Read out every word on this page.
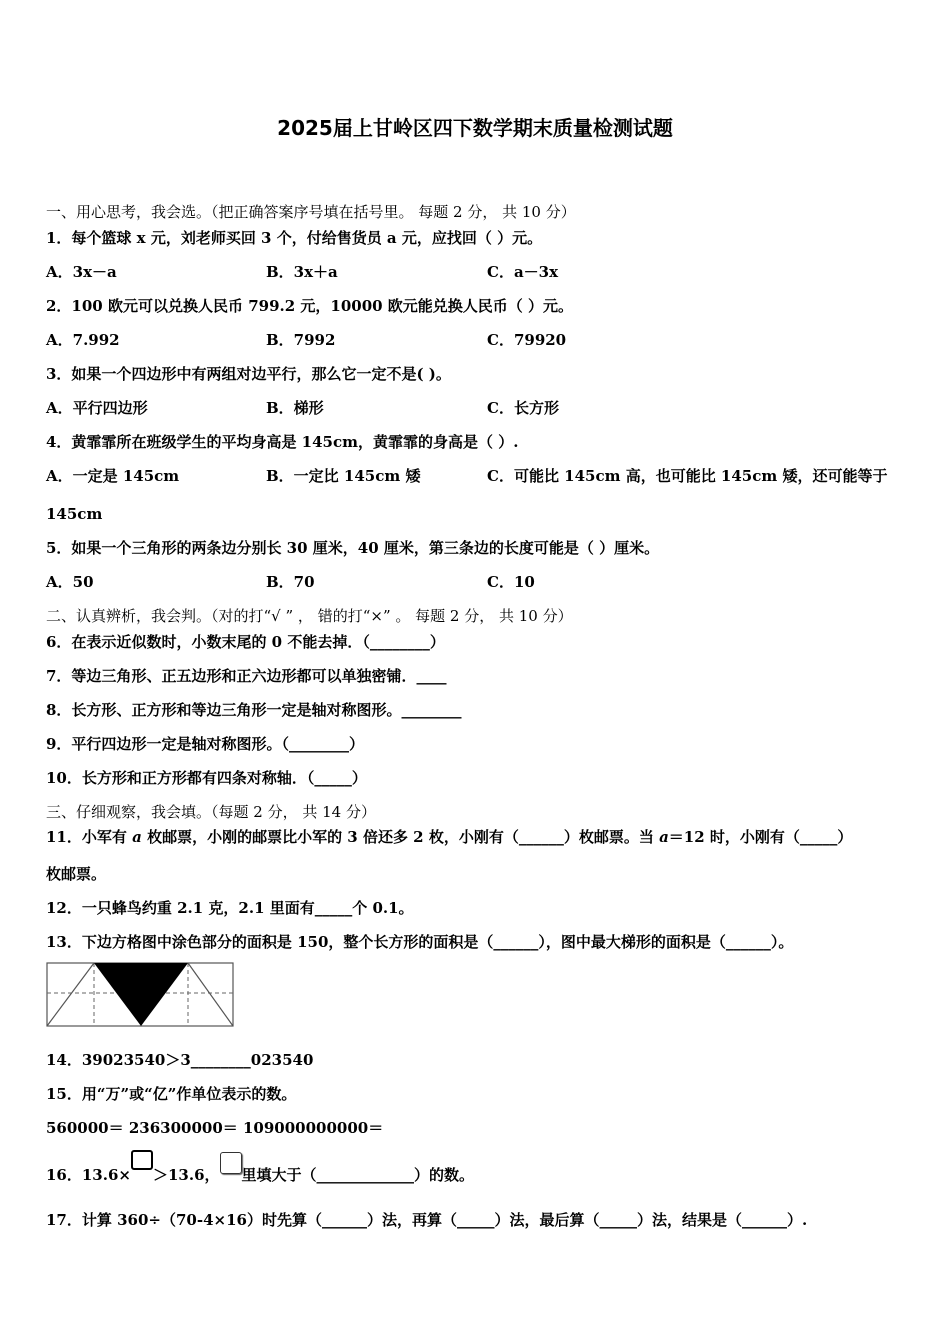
2025届上甘岭区四下数学期末质量检测试题
一、用心思考，我会选。（把正确答案序号填在括号里。 每题 2 分， 共 10 分）
1．每个篮球 x 元，刘老师买回 3 个，付给售货员 a 元，应找回（ ）元。
A．3x－a	B．3x＋a	C．a－3x
2．100 欧元可以兑换人民币 799.2 元，10000 欧元能兑换人民币（ ）元。
A．7.992	B．7992	C．79920
3．如果一个四边形中有两组对边平行，那么它一定不是( )。
A．平行四边形	B．梯形	C．长方形
4．黄霏霏所在班级学生的平均身高是 145cm，黄霏霏的身高是（ ）.
A．一定是 145cm	B．一定比 145cm 矮	C．可能比 145cm 高，也可能比 145cm 矮，还可能等于
145cm
5．如果一个三角形的两条边分别长 30 厘米，40 厘米，第三条边的长度可能是（ ）厘米。
A．50	B．70	C．10
二、认真辨析，我会判。（对的打“√ ” ， 错的打“×” 。 每题 2 分， 共 10 分）
6．在表示近似数时，小数末尾的 0 不能去掉．（________）
7．等边三角形、正五边形和正六边形都可以单独密铺．____
8．长方形、正方形和等边三角形一定是轴对称图形。________
9．平行四边形一定是轴对称图形。（________）
10．长方形和正方形都有四条对称轴．（_____）
三、仔细观察，我会填。（每题 2 分， 共 14 分）
11．小军有 a 枚邮票，小刚的邮票比小军的 3 倍还多 2 枚，小刚有（______）枚邮票。当 a＝12 时，小刚有（_____）
枚邮票。
12．一只蜂鸟约重 2.1 克，2.1 里面有_____个 0.1。
13．下边方格图中涂色部分的面积是 150，整个长方形的面积是（______），图中最大梯形的面积是（______）。
14．39023540＞3________023540
15．用“万”或“亿”作单位表示的数。
560000＝ 236300000＝ 109000000000＝
16．13.6× ＞13.6， 里填大于（_____________）的数。
17．计算 360÷（70-4×16）时先算（______）法，再算（_____）法，最后算（_____）法，结果是（______）.
